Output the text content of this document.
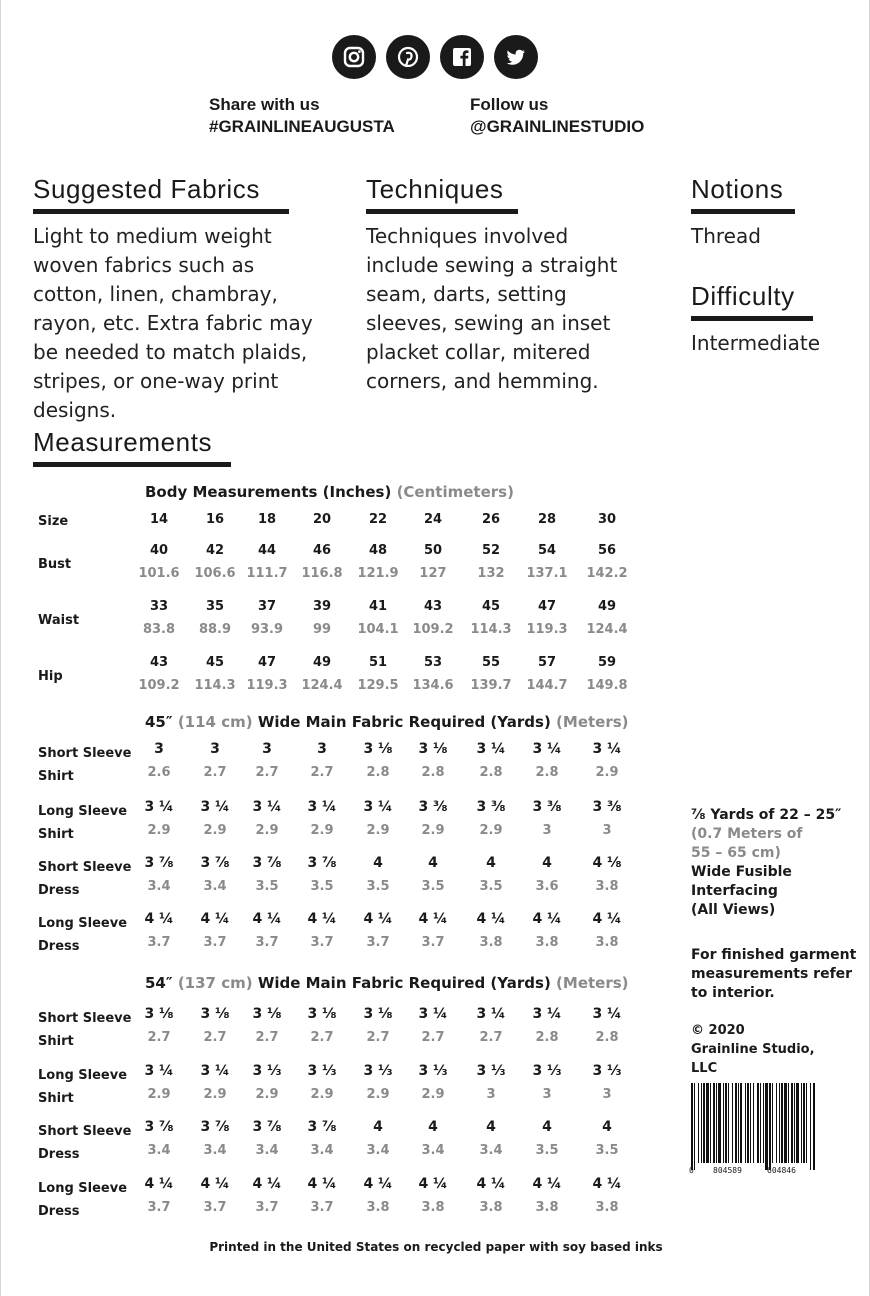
Share with us
#GRAINLINEAUGUSTA
Follow us
@GRAINLINESTUDIO
Suggested Fabrics
Light to medium weight
woven fabrics such as
cotton, linen, chambray,
rayon, etc. Extra fabric may
be needed to match plaids,
stripes, or one-way print
designs.
Techniques
Techniques involved
include sewing a straight
seam, darts, setting
sleeves, sewing an inset
placket collar, mitered
corners, and hemming.
Notions
Thread
Difficulty
Intermediate
Measurements
⅞ Yards of 22 – 25″
(0.7 Meters of
55 – 65 cm)
Wide Fusible
Interfacing
(All Views)
For finished garment
measurements refer
to interior.
© 2020
Grainline Studio,
LLC
0 804589	604846
Printed in the United States on recycled paper with soy based inks
Body Measurements (Inches) (Centimeters)
Size	14	16	18	20	22	24	26	28	30
Bust
40	42	44	46	48	50	52	54	56
101.6	106.6 111.7	116.8	121.9	127	132	137.1	142.2
Waist
33	35	37	39	41	43	45	47	49
83.8	88.9	93.9	99	104.1	109.2	114.3	119.3	124.4
Hip
43	45	47	49	51	53	55	57	59
109.2	114.3 119.3	124.4	129.5	134.6	139.7	144.7	149.8
45″ (114 cm) Wide Main Fabric Required (Yards) (Meters)
Short Sleeve
Shirt
3	3	3	3	3 ⅛	3 ⅛	3 ¼	3 ¼	3 ¼
2.6	2.7	2.7	2.7	2.8	2.8	2.8	2.8	2.9
Long Sleeve
Shirt
3 ¼	3 ¼	3 ¼	3 ¼	3 ¼	3 ⅜	3 ⅜	3 ⅜	3 ⅜
2.9	2.9	2.9	2.9	2.9	2.9	2.9	3	3
Short Sleeve
Dress
3 ⅞	3 ⅞	3 ⅞	3 ⅞	4	4	4	4	4 ⅛
3.4	3.4	3.5	3.5	3.5	3.5	3.5	3.6	3.8
Long Sleeve
Dress
4 ¼	4 ¼	4 ¼	4 ¼	4 ¼	4 ¼	4 ¼	4 ¼	4 ¼
3.7	3.7	3.7	3.7	3.7	3.7	3.8	3.8	3.8
54″ (137 cm) Wide Main Fabric Required (Yards) (Meters)
Short Sleeve
Shirt
3 ⅛	3 ⅛	3 ⅛	3 ⅛	3 ⅛	3 ¼	3 ¼	3 ¼	3 ¼
2.7	2.7	2.7	2.7	2.7	2.7	2.7	2.8	2.8
Long Sleeve
Shirt
3 ¼	3 ¼	3 ⅓	3 ⅓	3 ⅓	3 ⅓	3 ⅓	3 ⅓	3 ⅓
2.9	2.9	2.9	2.9	2.9	2.9	3	3	3
Short Sleeve
Dress
3 ⅞	3 ⅞	3 ⅞	3 ⅞	4	4	4	4	4
3.4	3.4	3.4	3.4	3.4	3.4	3.4	3.5	3.5
Long Sleeve
Dress
4 ¼	4 ¼	4 ¼	4 ¼	4 ¼	4 ¼	4 ¼	4 ¼	4 ¼
3.7	3.7	3.7	3.7	3.8	3.8	3.8	3.8	3.8
